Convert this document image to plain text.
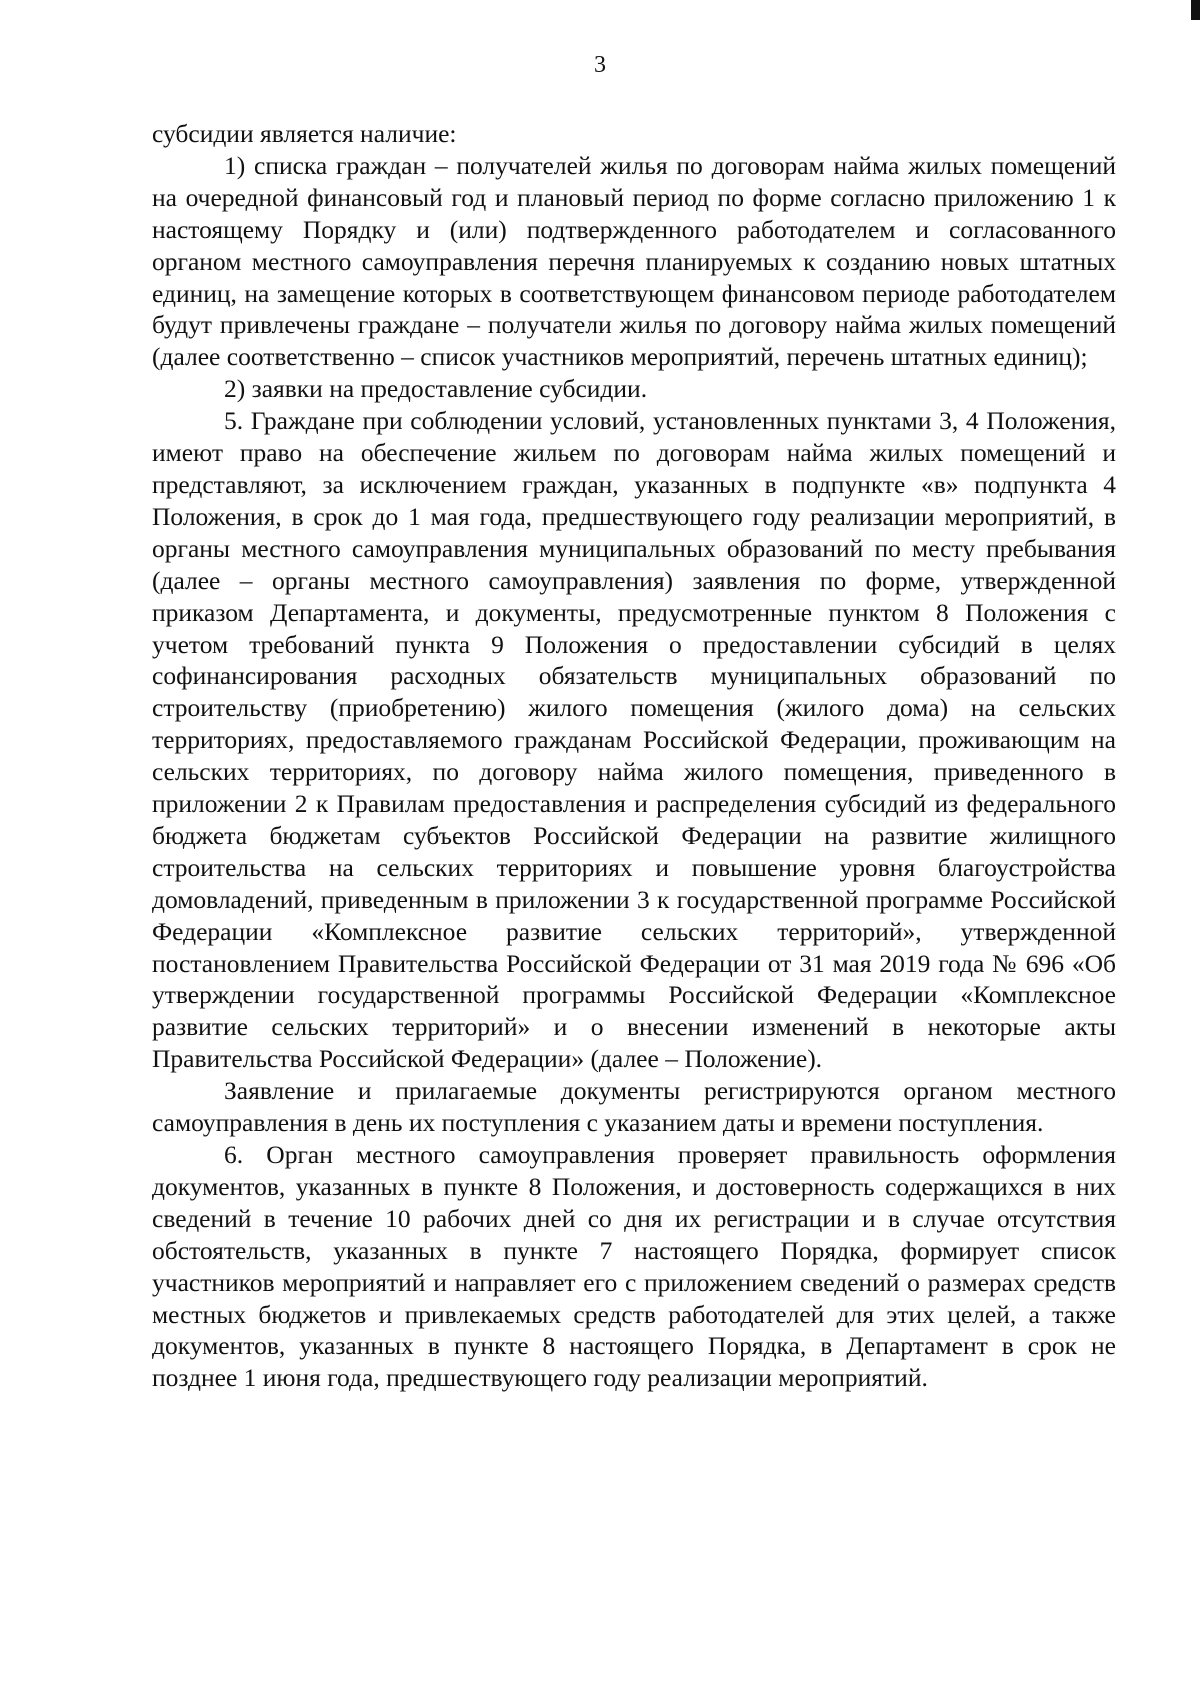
3

субсидии является наличие:

1) списка граждан – получателей жилья по договорам найма жилых помещений на очередной финансовый год и плановый период по форме согласно приложению 1 к настоящему Порядку и (или) подтвержденного работодателем и согласованного органом местного самоуправления перечня планируемых к созданию новых штатных единиц, на замещение которых в соответствующем финансовом периоде работодателем будут привлечены граждане – получатели жилья по договору найма жилых помещений (далее соответственно – список участников мероприятий, перечень штатных единиц);

2) заявки на предоставление субсидии.

5. Граждане при соблюдении условий, установленных пунктами 3, 4 Положения, имеют право на обеспечение жильем по договорам найма жилых помещений и представляют, за исключением граждан, указанных в подпункте «в» подпункта 4 Положения, в срок до 1 мая года, предшествующего году реализации мероприятий, в органы местного самоуправления муниципальных образований по месту пребывания (далее – органы местного самоуправления) заявления по форме, утвержденной приказом Департамента, и документы, предусмотренные пунктом 8 Положения с учетом требований пункта 9 Положения о предоставлении субсидий в целях софинансирования расходных обязательств муниципальных образований по строительству (приобретению) жилого помещения (жилого дома) на сельских территориях, предоставляемого гражданам Российской Федерации, проживающим на сельских территориях, по договору найма жилого помещения, приведенного в приложении 2 к Правилам предоставления и распределения субсидий из федерального бюджета бюджетам субъектов Российской Федерации на развитие жилищного строительства на сельских территориях и повышение уровня благоустройства домовладений, приведенным в приложении 3 к государственной программе Российской Федерации «Комплексное развитие сельских территорий», утвержденной постановлением Правительства Российской Федерации от 31 мая 2019 года № 696 «Об утверждении государственной программы Российской Федерации «Комплексное развитие сельских территорий» и о внесении изменений в некоторые акты Правительства Российской Федерации» (далее – Положение).

Заявление и прилагаемые документы регистрируются органом местного самоуправления в день их поступления с указанием даты и времени поступления.

6. Орган местного самоуправления проверяет правильность оформления документов, указанных в пункте 8 Положения, и достоверность содержащихся в них сведений в течение 10 рабочих дней со дня их регистрации и в случае отсутствия обстоятельств, указанных в пункте 7 настоящего Порядка, формирует список участников мероприятий и направляет его с приложением сведений о размерах средств местных бюджетов и привлекаемых средств работодателей для этих целей, а также документов, указанных в пункте 8 настоящего Порядка, в Департамент в срок не позднее 1 июня года, предшествующего году реализации мероприятий.
